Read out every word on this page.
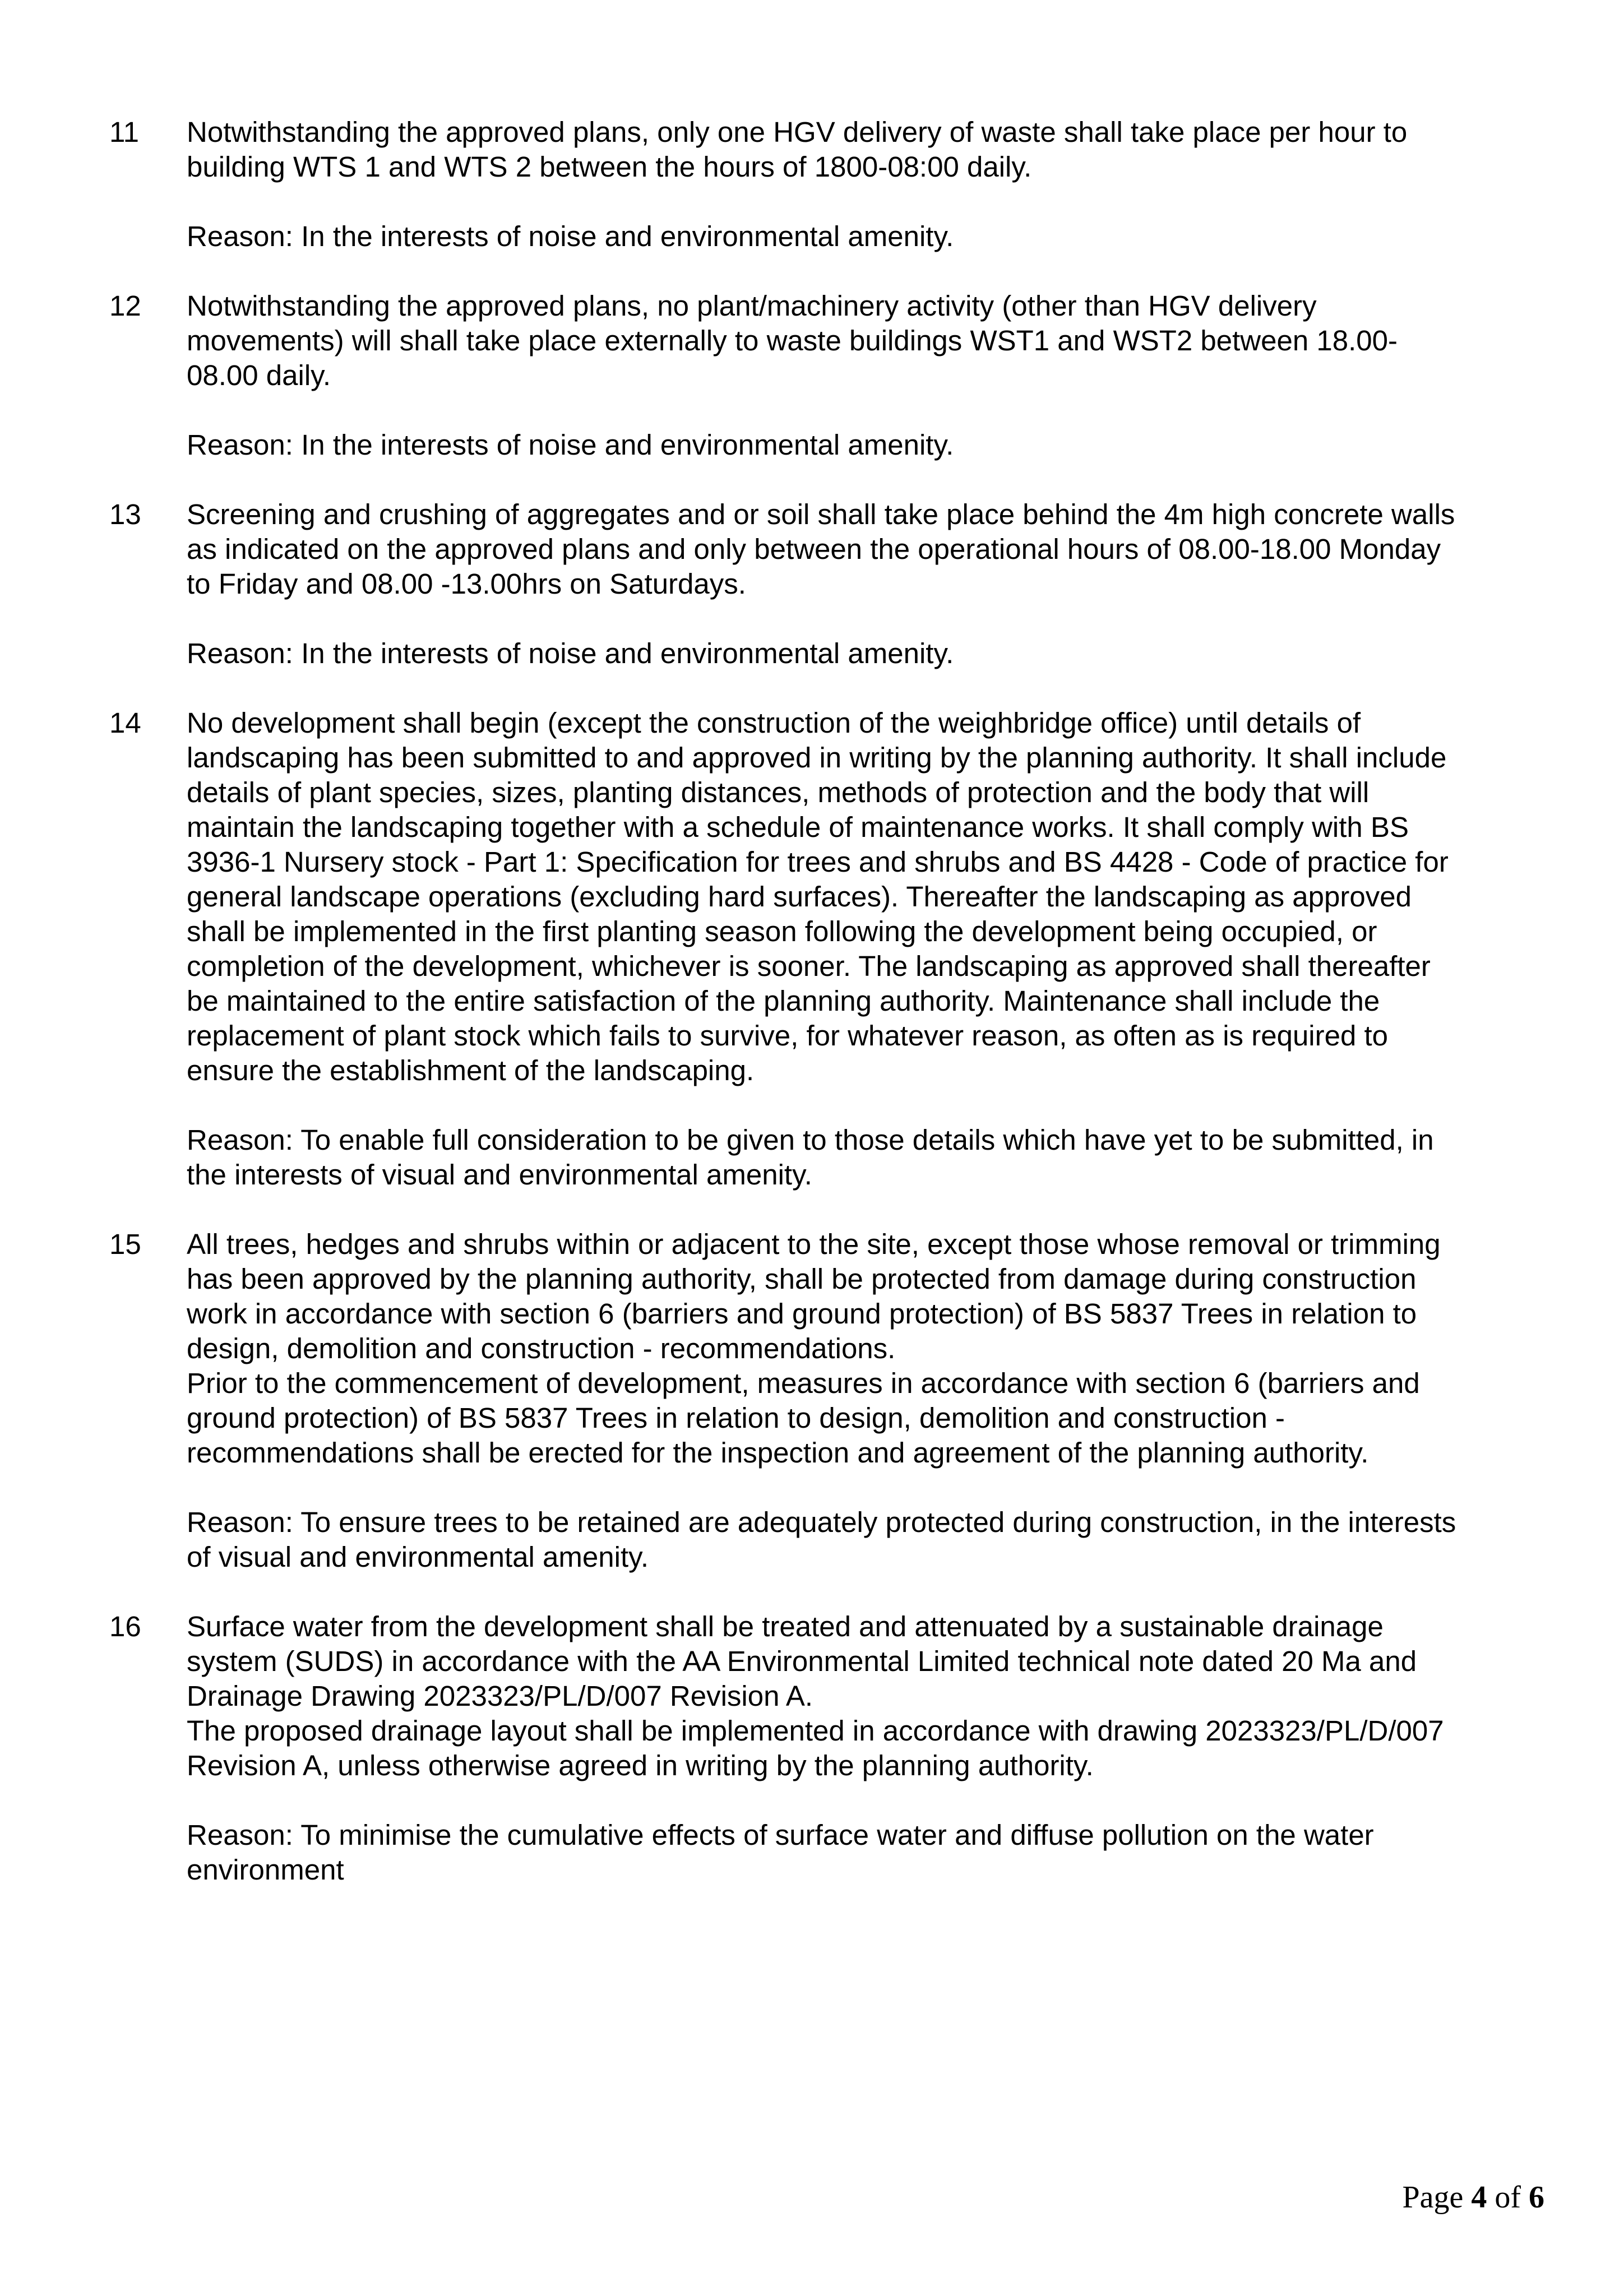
11 Notwithstanding the approved plans, only one HGV delivery of waste shall take place per hour to
building WTS 1 and WTS 2 between the hours of 1800-08:00 daily.
Reason: In the interests of noise and environmental amenity.
12 Notwithstanding the approved plans, no plant/machinery activity (other than HGV delivery
movements) will shall take place externally to waste buildings WST1 and WST2 between 18.00-
08.00 daily.
Reason: In the interests of noise and environmental amenity.
13 Screening and crushing of aggregates and or soil shall take place behind the 4m high concrete walls
as indicated on the approved plans and only between the operational hours of 08.00-18.00 Monday
to Friday and 08.00 -13.00hrs on Saturdays.
Reason: In the interests of noise and environmental amenity.
14 No development shall begin (except the construction of the weighbridge office) until details of
landscaping has been submitted to and approved in writing by the planning authority. It shall include
details of plant species, sizes, planting distances, methods of protection and the body that will
maintain the landscaping together with a schedule of maintenance works. It shall comply with BS
3936-1 Nursery stock - Part 1: Specification for trees and shrubs and BS 4428 - Code of practice for
general landscape operations (excluding hard surfaces). Thereafter the landscaping as approved
shall be implemented in the first planting season following the development being occupied, or
completion of the development, whichever is sooner. The landscaping as approved shall thereafter
be maintained to the entire satisfaction of the planning authority. Maintenance shall include the
replacement of plant stock which fails to survive, for whatever reason, as often as is required to
ensure the establishment of the landscaping.
Reason: To enable full consideration to be given to those details which have yet to be submitted, in
the interests of visual and environmental amenity.
15 All trees, hedges and shrubs within or adjacent to the site, except those whose removal or trimming
has been approved by the planning authority, shall be protected from damage during construction
work in accordance with section 6 (barriers and ground protection) of BS 5837 Trees in relation to
design, demolition and construction - recommendations.
Prior to the commencement of development, measures in accordance with section 6 (barriers and
ground protection) of BS 5837 Trees in relation to design, demolition and construction -
recommendations shall be erected for the inspection and agreement of the planning authority.
Reason: To ensure trees to be retained are adequately protected during construction, in the interests
of visual and environmental amenity.
16 Surface water from the development shall be treated and attenuated by a sustainable drainage
system (SUDS) in accordance with the AA Environmental Limited technical note dated 20 Ma and
Drainage Drawing 2023323/PL/D/007 Revision A.
The proposed drainage layout shall be implemented in accordance with drawing 2023323/PL/D/007
Revision A, unless otherwise agreed in writing by the planning authority.
Reason: To minimise the cumulative effects of surface water and diffuse pollution on the water
environment
Page 4 of 6
